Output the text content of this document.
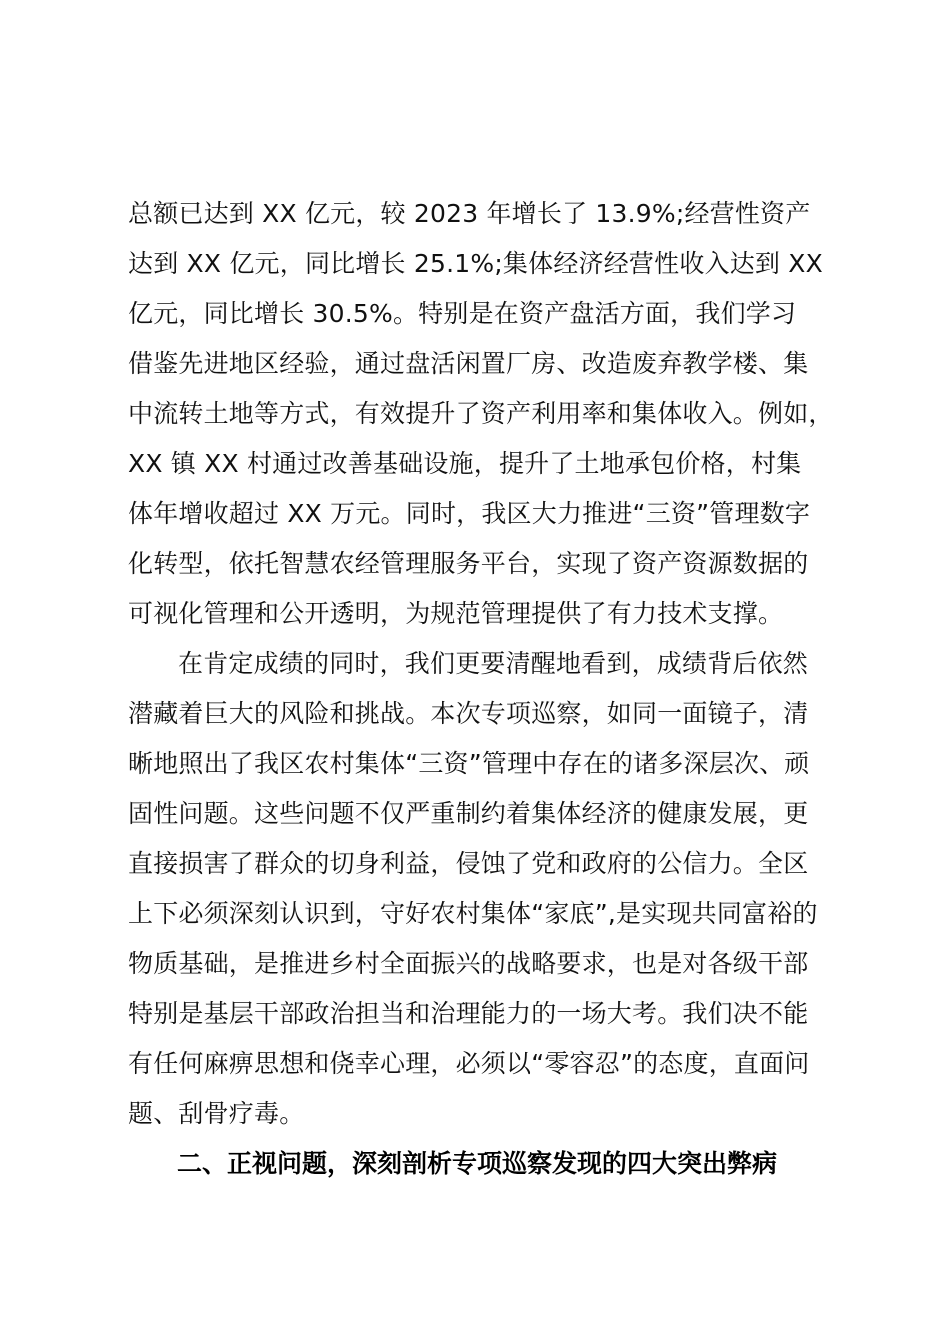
总额已达到 XX 亿元，较 2023 年增长了 13.9%;经营性资产
达到 XX 亿元，同比增长 25.1%;集体经济经营性收入达到 XX
亿元，同比增长 30.5%。特别是在资产盘活方面，我们学习
借鉴先进地区经验，通过盘活闲置厂房、改造废弃教学楼、集
中流转土地等方式，有效提升了资产利用率和集体收入。例如，
XX 镇 XX 村通过改善基础设施，提升了土地承包价格，村集
体年增收超过 XX 万元。同时，我区大力推进“三资”管理数字
化转型，依托智慧农经管理服务平台，实现了资产资源数据的
可视化管理和公开透明，为规范管理提供了有力技术支撑。
在肯定成绩的同时，我们更要清醒地看到，成绩背后依然
潜藏着巨大的风险和挑战。本次专项巡察，如同一面镜子，清
晰地照出了我区农村集体“三资”管理中存在的诸多深层次、顽
固性问题。这些问题不仅严重制约着集体经济的健康发展，更
直接损害了群众的切身利益，侵蚀了党和政府的公信力。全区
上下必须深刻认识到，守好农村集体“家底”,是实现共同富裕的
物质基础，是推进乡村全面振兴的战略要求，也是对各级干部
特别是基层干部政治担当和治理能力的一场大考。我们决不能
有任何麻痹思想和侥幸心理，必须以“零容忍”的态度，直面问
题、刮骨疗毒。
二、正视问题，深刻剖析专项巡察发现的四大突出弊病
